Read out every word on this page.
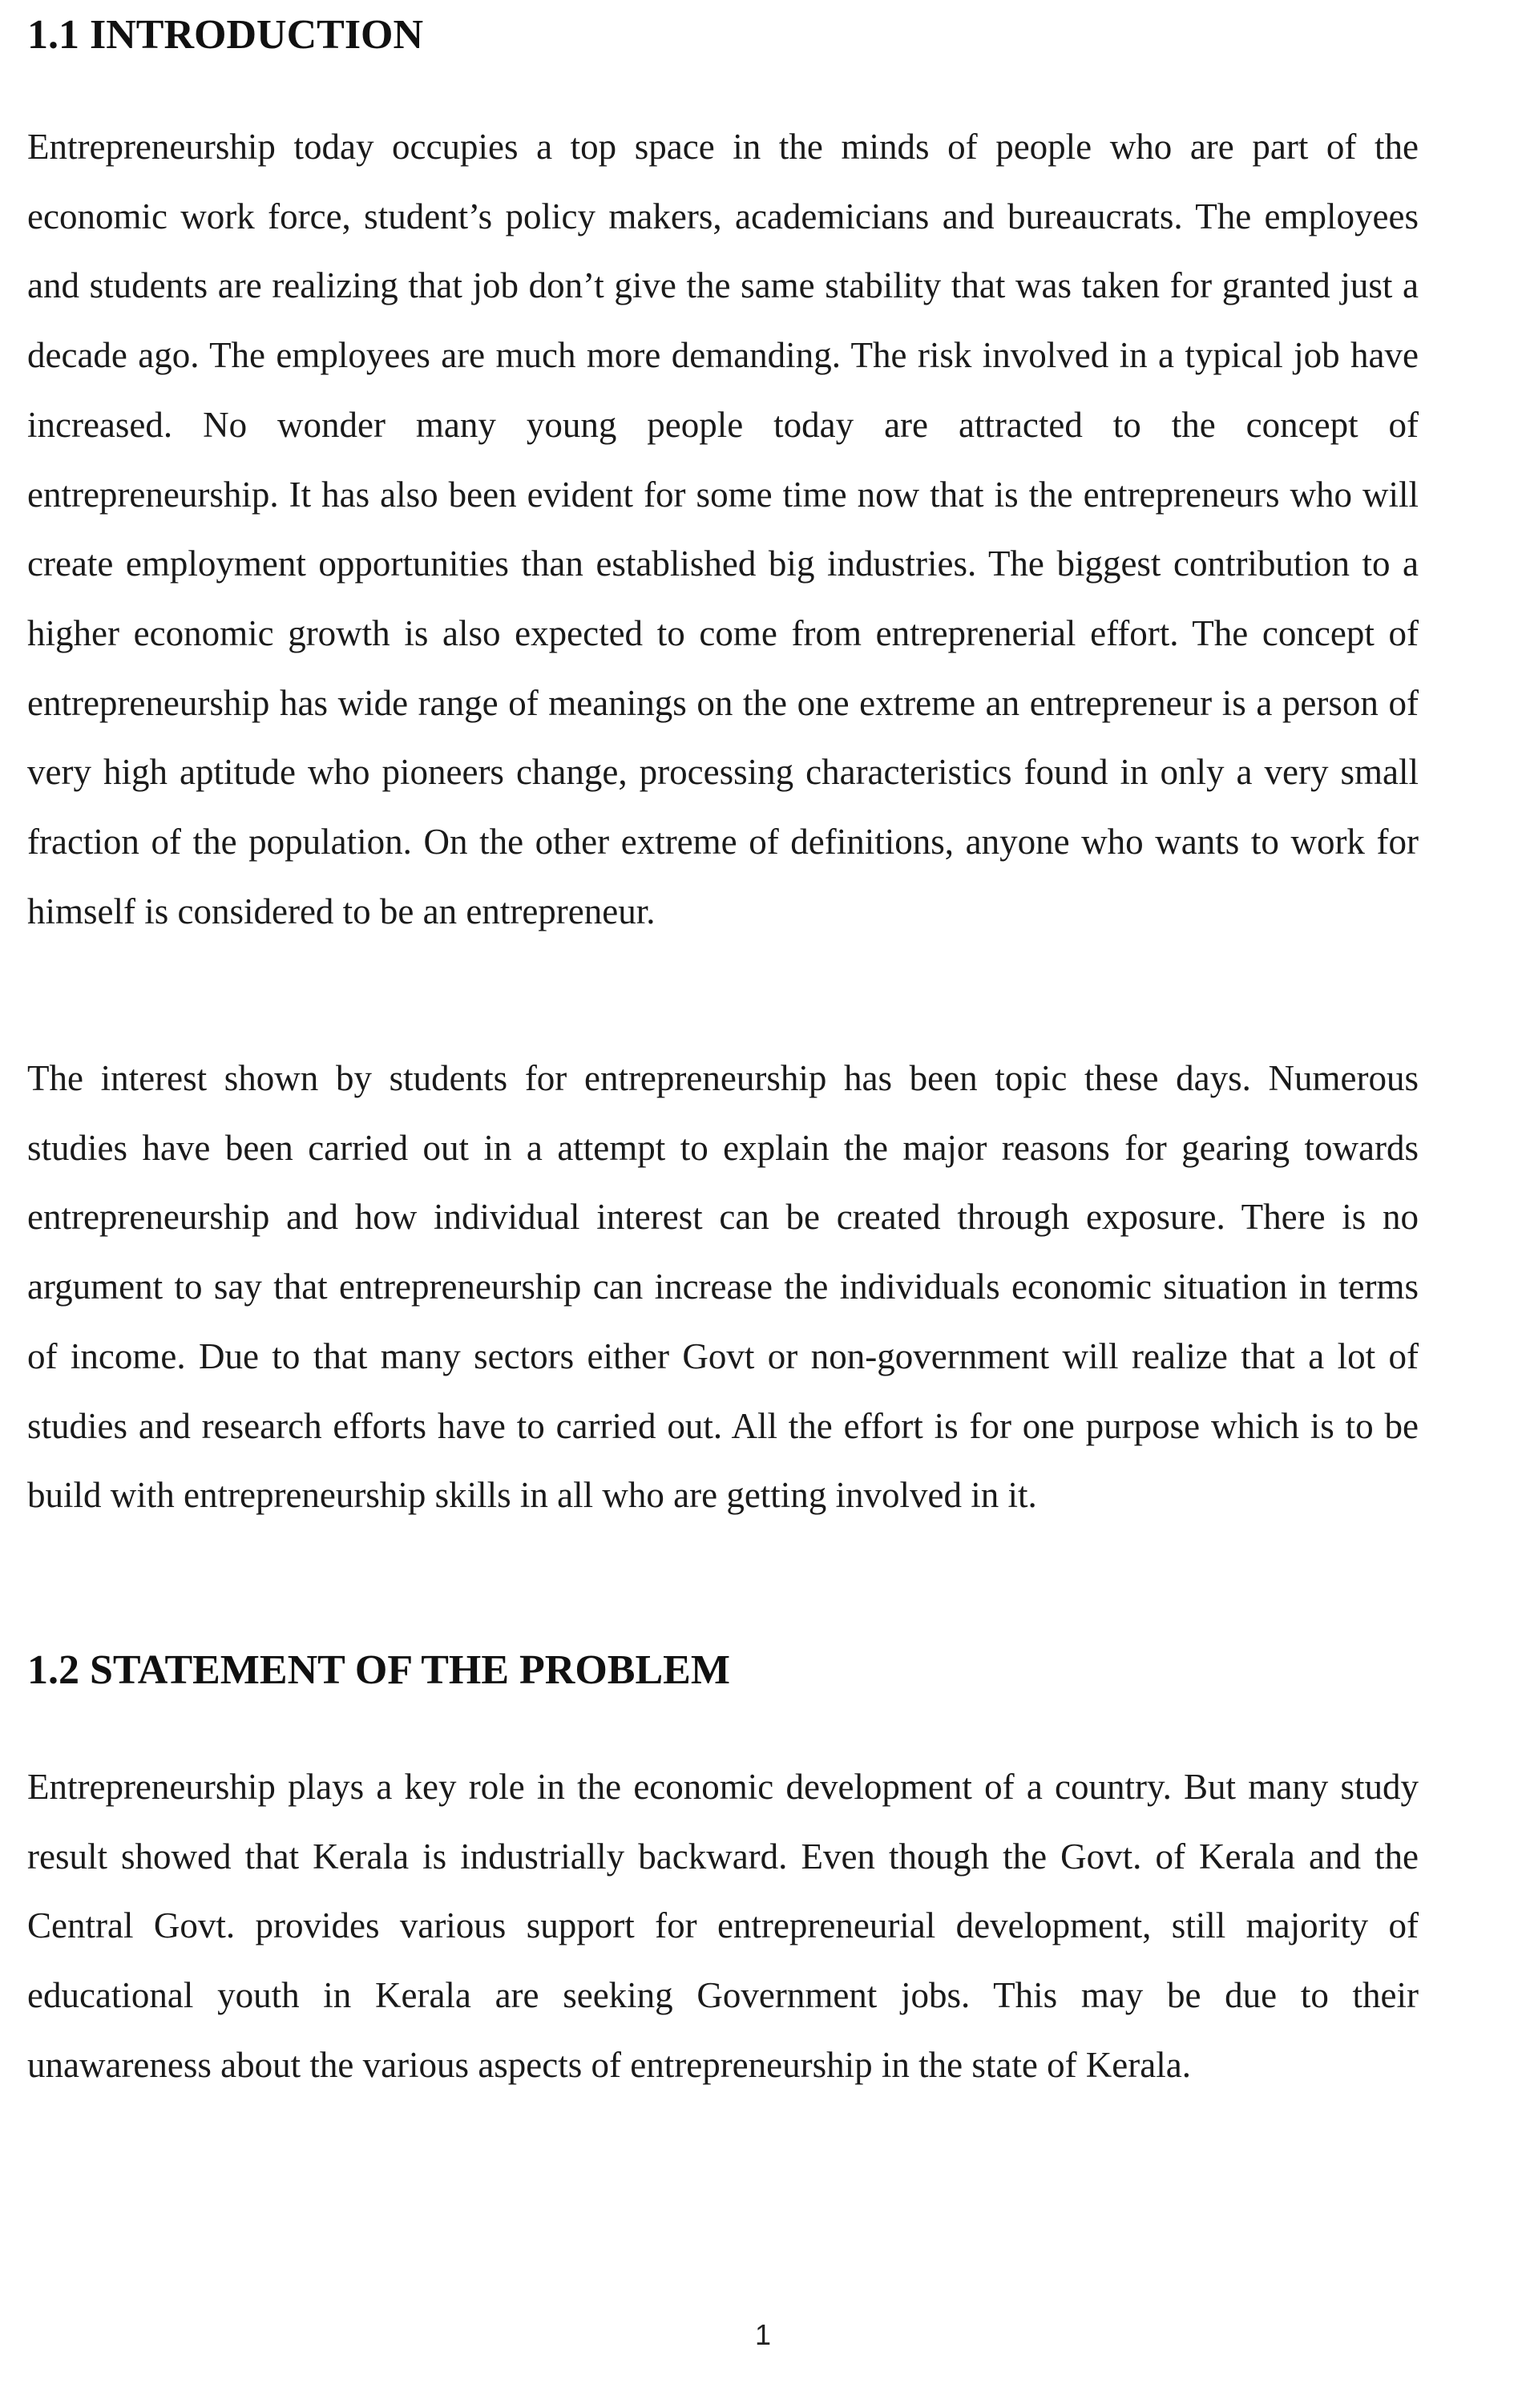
1.1 INTRODUCTION

Entrepreneurship today occupies a top space in the minds of people who are part of the economic work force, student’s policy makers, academicians and bureaucrats. The employees and students are realizing that job don’t give the same stability that was taken for granted just a decade ago. The employees are much more demanding. The risk involved in a typical job have increased. No wonder many young people today are attracted to the concept of entrepreneurship. It has also been evident for some time now that is the entrepreneurs who will create employment opportunities than established big industries. The biggest contribution to a higher economic growth is also expected to come from entreprenerial effort. The concept of entrepreneurship has wide range of meanings on the one extreme an entrepreneur is a person of very high aptitude who pioneers change, processing characteristics found in only a very small fraction of the population. On the other extreme of definitions, anyone who wants to work for himself is considered to be an entrepreneur.

The interest shown by students for entrepreneurship has been topic these days. Numerous studies have been carried out in a attempt to explain the major reasons for gearing towards entrepreneurship and how individual interest can be created through exposure. There is no argument to say that entrepreneurship can increase the individuals economic situation in terms of income. Due to that many sectors either Govt or non-government will realize that a lot of studies and research efforts have to carried out. All the effort is for one purpose which is to be build with entrepreneurship skills in all who are getting involved in it.

1.2 STATEMENT OF THE PROBLEM

Entrepreneurship plays a key role in the economic development of a country. But many study result showed that Kerala is industrially backward. Even though the Govt. of Kerala and the Central Govt. provides various support for entrepreneurial development, still majority of educational youth in Kerala are seeking Government jobs. This may be due to their unawareness about the various aspects of entrepreneurship in the state of Kerala.

1
